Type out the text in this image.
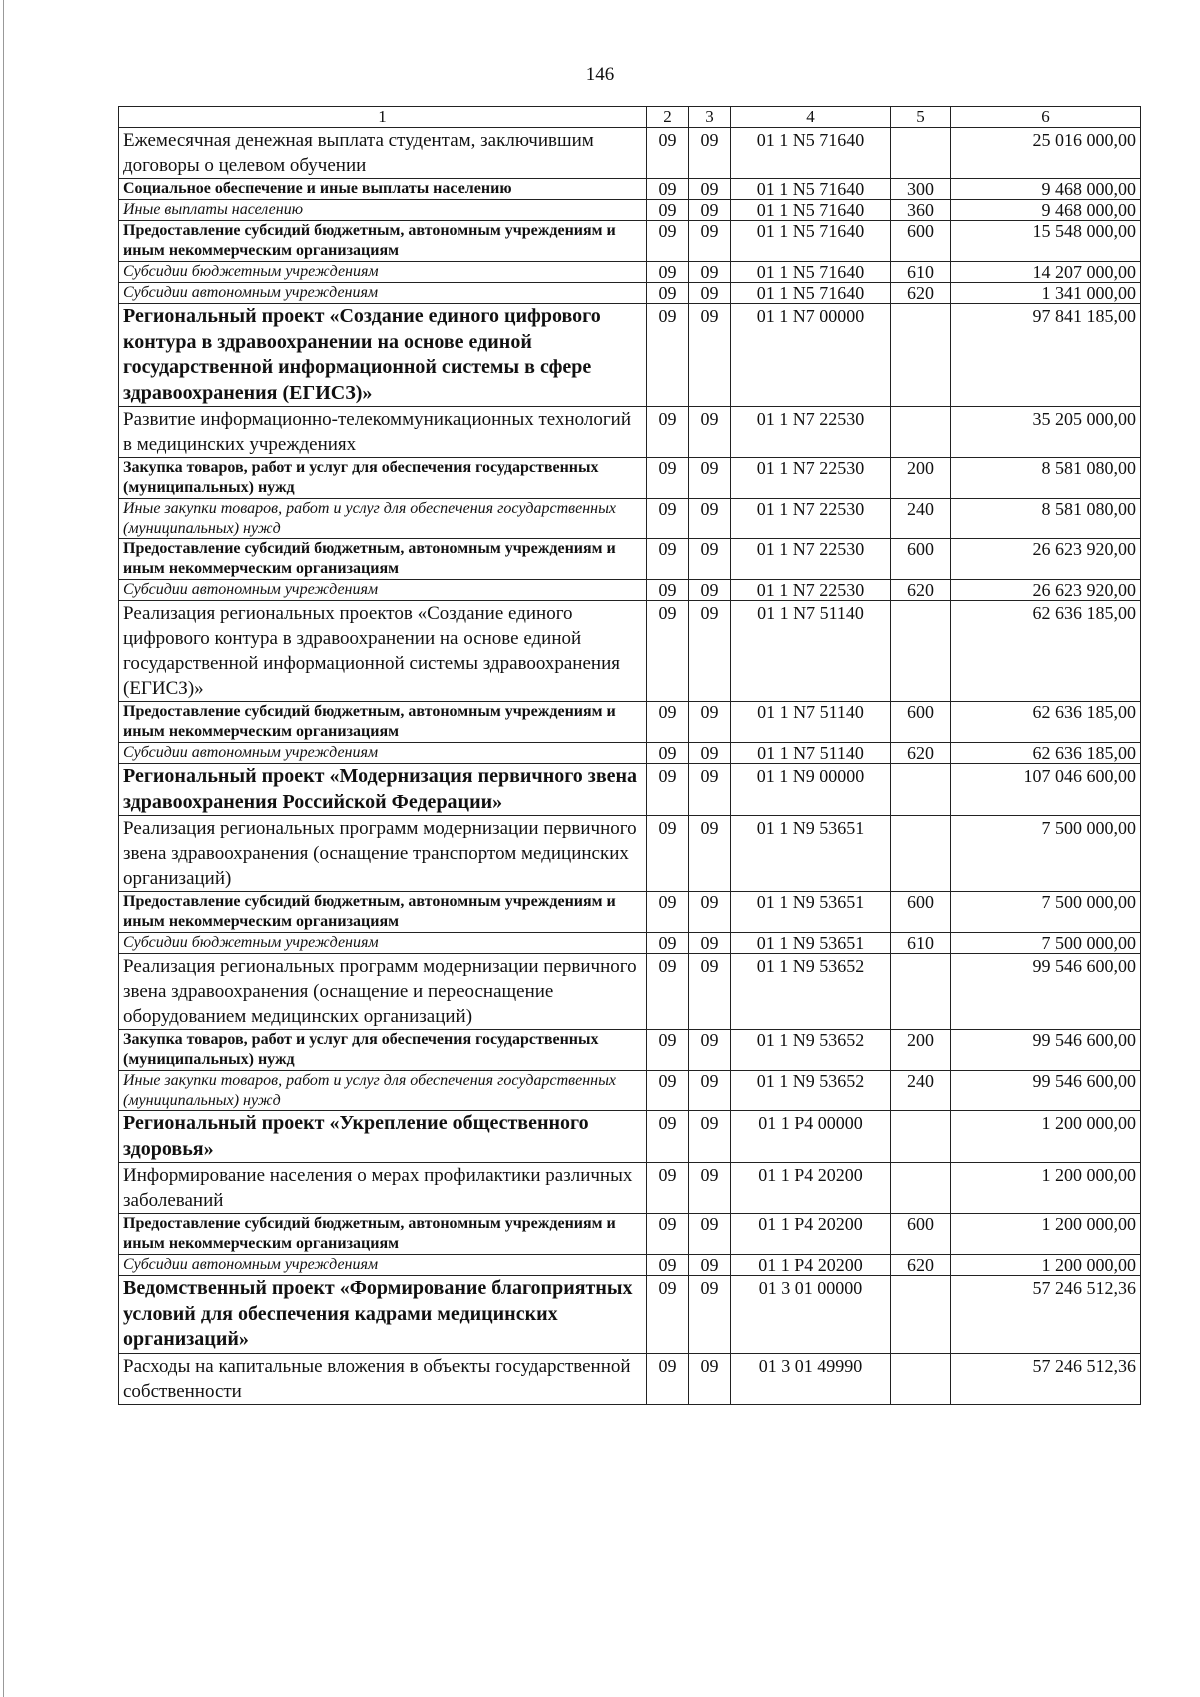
146
1	2	3	4	5	6
Ежемесячная денежная выплата студентам, заключившим договоры о целевом обучении	09	09	01 1 N5 71640		25 016 000,00
Социальное обеспечение и иные выплаты населению	09	09	01 1 N5 71640	300	9 468 000,00
Иные выплаты населению	09	09	01 1 N5 71640	360	9 468 000,00
Предоставление субсидий бюджетным, автономным учреждениям и иным некоммерческим организациям	09	09	01 1 N5 71640	600	15 548 000,00
Субсидии бюджетным учреждениям	09	09	01 1 N5 71640	610	14 207 000,00
Субсидии автономным учреждениям	09	09	01 1 N5 71640	620	1 341 000,00
Региональный проект «Создание единого цифрового контура в здравоохранении на основе единой государственной информационной системы в сфере здравоохранения (ЕГИСЗ)»	09	09	01 1 N7 00000		97 841 185,00
Развитие информационно-телекоммуникационных технологий в медицинских учреждениях	09	09	01 1 N7 22530		35 205 000,00
Закупка товаров, работ и услуг для обеспечения государственных (муниципальных) нужд	09	09	01 1 N7 22530	200	8 581 080,00
Иные закупки товаров, работ и услуг для обеспечения государственных (муниципальных) нужд	09	09	01 1 N7 22530	240	8 581 080,00
Предоставление субсидий бюджетным, автономным учреждениям и иным некоммерческим организациям	09	09	01 1 N7 22530	600	26 623 920,00
Субсидии автономным учреждениям	09	09	01 1 N7 22530	620	26 623 920,00
Реализация региональных проектов «Создание единого цифрового контура в здравоохранении на основе единой государственной информационной системы здравоохранения (ЕГИСЗ)»	09	09	01 1 N7 51140		62 636 185,00
Предоставление субсидий бюджетным, автономным учреждениям и иным некоммерческим организациям	09	09	01 1 N7 51140	600	62 636 185,00
Субсидии автономным учреждениям	09	09	01 1 N7 51140	620	62 636 185,00
Региональный проект «Модернизация первичного звена здравоохранения Российской Федерации»	09	09	01 1 N9 00000		107 046 600,00
Реализация региональных программ модернизации первичного звена здравоохранения (оснащение транспортом медицинских организаций)	09	09	01 1 N9 53651		7 500 000,00
Предоставление субсидий бюджетным, автономным учреждениям и иным некоммерческим организациям	09	09	01 1 N9 53651	600	7 500 000,00
Субсидии бюджетным учреждениям	09	09	01 1 N9 53651	610	7 500 000,00
Реализация региональных программ модернизации первичного звена здравоохранения (оснащение и переоснащение оборудованием медицинских организаций)	09	09	01 1 N9 53652		99 546 600,00
Закупка товаров, работ и услуг для обеспечения государственных (муниципальных) нужд	09	09	01 1 N9 53652	200	99 546 600,00
Иные закупки товаров, работ и услуг для обеспечения государственных (муниципальных) нужд	09	09	01 1 N9 53652	240	99 546 600,00
Региональный проект «Укрепление общественного здоровья»	09	09	01 1 P4 00000		1 200 000,00
Информирование населения о мерах профилактики различных заболеваний	09	09	01 1 P4 20200		1 200 000,00
Предоставление субсидий бюджетным, автономным учреждениям и иным некоммерческим организациям	09	09	01 1 P4 20200	600	1 200 000,00
Субсидии автономным учреждениям	09	09	01 1 P4 20200	620	1 200 000,00
Ведомственный проект «Формирование благоприятных условий для обеспечения кадрами медицинских организаций»	09	09	01 3 01 00000		57 246 512,36
Расходы на капитальные вложения в объекты государственной собственности	09	09	01 3 01 49990		57 246 512,36
